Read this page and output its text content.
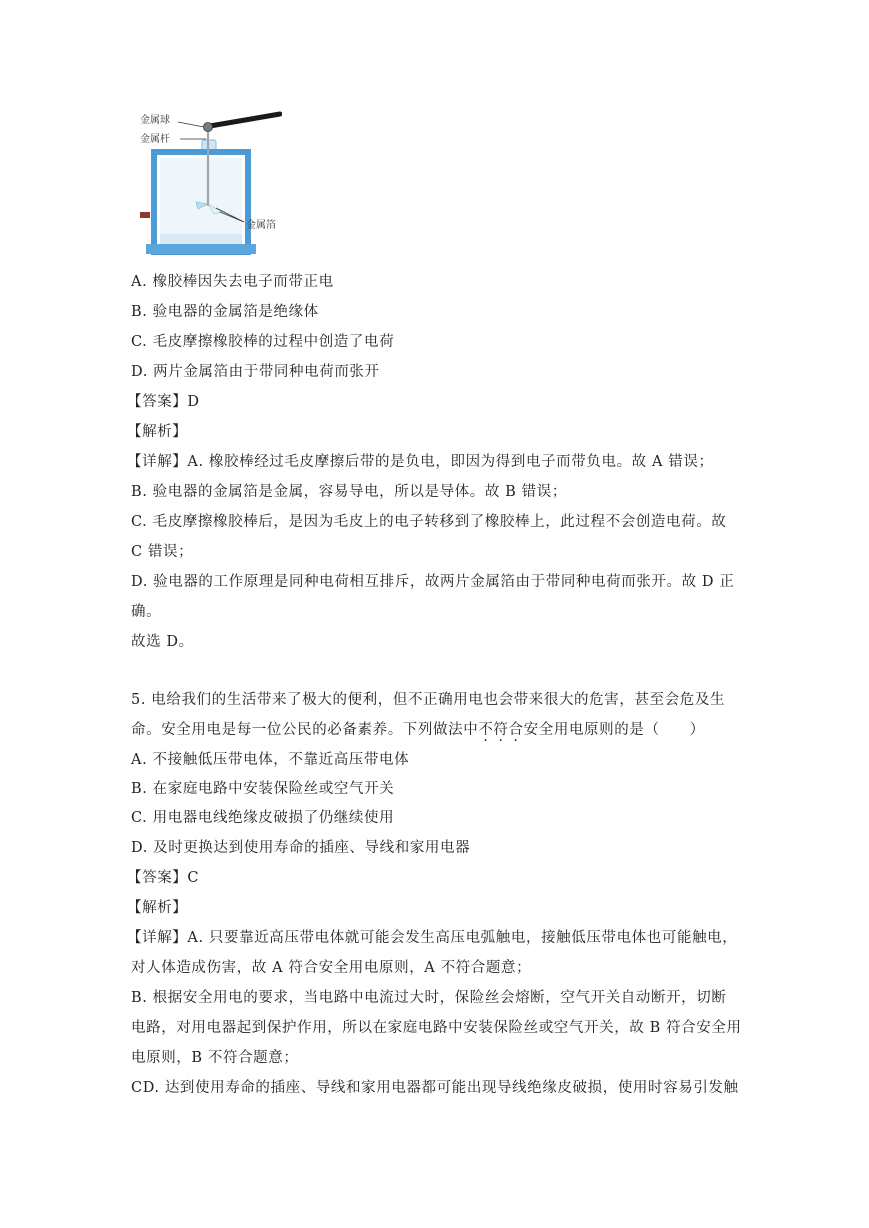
金属球
金属杆
金属箔
A. 橡胶棒因失去电子而带正电
B. 验电器的金属箔是绝缘体
C. 毛皮摩擦橡胶棒的过程中创造了电荷
D. 两片金属箔由于带同种电荷而张开
【答案】D
【解析】
【详解】A. 橡胶棒经过毛皮摩擦后带的是负电，即因为得到电子而带负电。故 A 错误；
B. 验电器的金属箔是金属，容易导电，所以是导体。故 B 错误；
C. 毛皮摩擦橡胶棒后，是因为毛皮上的电子转移到了橡胶棒上，此过程不会创造电荷。故
C 错误；
D. 验电器的工作原理是同种电荷相互排斥，故两片金属箔由于带同种电荷而张开。故 D 正
确。
故选 D。
5. 电给我们的生活带来了极大的便利，但不正确用电也会带来很大的危害，甚至会危及生
命。安全用电是每一位公民的必备素养。下列做法中不符合安全用电原则的是（　　）
A. 不接触低压带电体，不靠近高压带电体
B. 在家庭电路中安装保险丝或空气开关
C. 用电器电线绝缘皮破损了仍继续使用
D. 及时更换达到使用寿命的插座、导线和家用电器
【答案】C
【解析】
【详解】A. 只要靠近高压带电体就可能会发生高压电弧触电，接触低压带电体也可能触电，
对人体造成伤害，故 A 符合安全用电原则，A 不符合题意；
B. 根据安全用电的要求，当电路中电流过大时，保险丝会熔断，空气开关自动断开，切断
电路，对用电器起到保护作用，所以在家庭电路中安装保险丝或空气开关，故 B 符合安全用
电原则，B 不符合题意；
CD. 达到使用寿命的插座、导线和家用电器都可能出现导线绝缘皮破损，使用时容易引发触
